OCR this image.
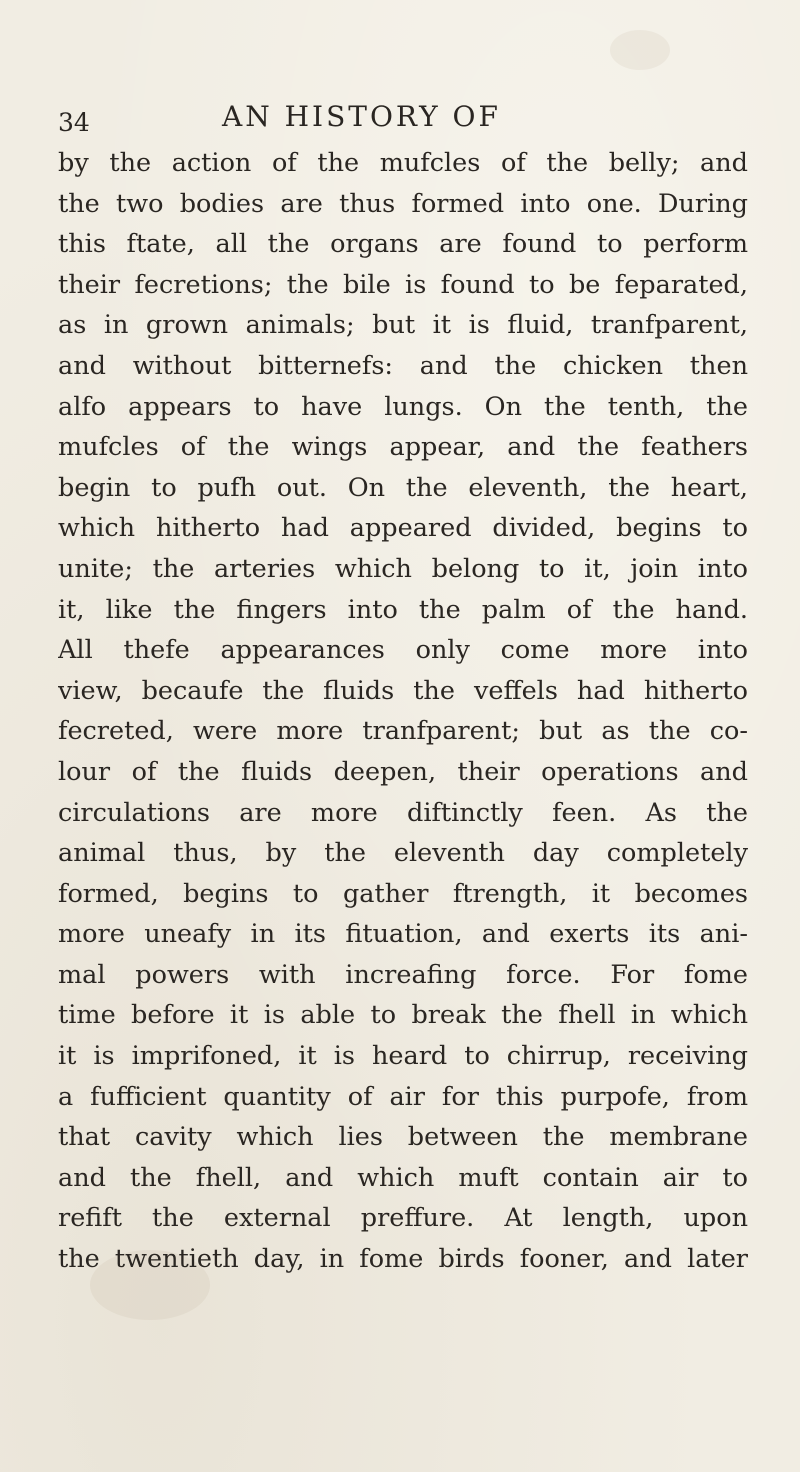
34	AN HISTORY OF
by the action of the mufcles of the belly; and
the two bodies are thus formed into one. During
this ftate, all the organs are found to perform
their fecretions; the bile is found to be feparated,
as in grown animals; but it is fluid, tranfparent,
and without bitternefs: and the chicken then
alfo appears to have lungs. On the tenth, the
mufcles of the wings appear, and the feathers
begin to pufh out. On the eleventh, the heart,
which hitherto had appeared divided, begins to
unite; the arteries which belong to it, join into
it, like the fingers into the palm of the hand.
All thefe appearances only come more into
view, becaufe the fluids the veffels had hitherto
fecreted, were more tranfparent; but as the co-
lour of the fluids deepen, their operations and
circulations are more diftinctly feen. As the
animal thus, by the eleventh day completely
formed, begins to gather ftrength, it becomes
more uneafy in its fituation, and exerts its ani-
mal powers with increafing force. For fome
time before it is able to break the fhell in which
it is imprifoned, it is heard to chirrup, receiving
a fufficient quantity of air for this purpofe, from
that cavity which lies between the membrane
and the fhell, and which muft contain air to
refift the external preffure. At length, upon
the twentieth day, in fome birds fooner, and later
